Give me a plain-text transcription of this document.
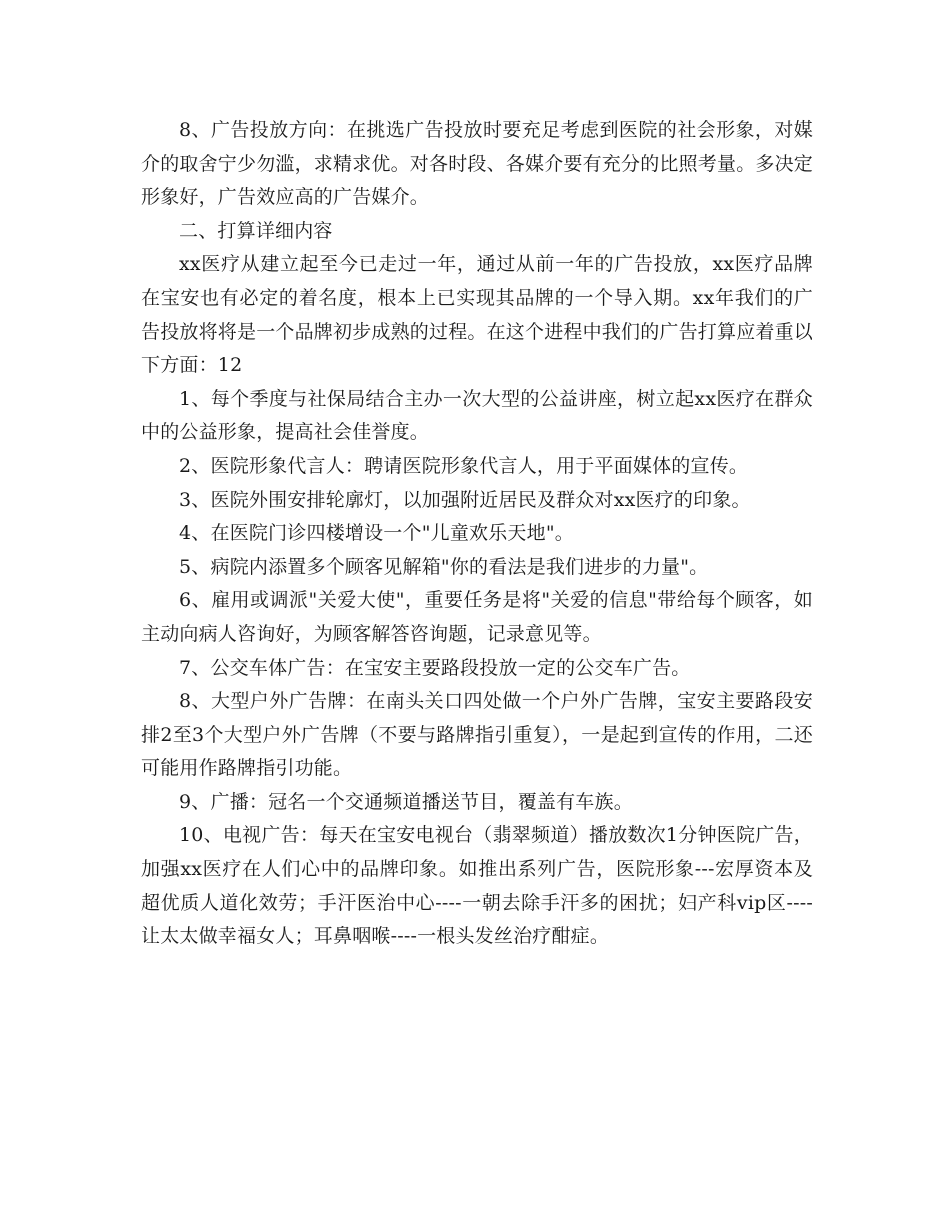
8、广告投放方向：在挑选广告投放时要充足考虑到医院的社会形象，对媒介的取舍宁少勿滥，求精求优。对各时段、各媒介要有充分的比照考量。多决定形象好，广告效应高的广告媒介。

二、打算详细内容

xx医疗从建立起至今已走过一年，通过从前一年的广告投放，xx医疗品牌在宝安也有必定的着名度，根本上已实现其品牌的一个导入期。xx年我们的广告投放将将是一个品牌初步成熟的过程。在这个进程中我们的广告打算应着重以下方面：12

1、每个季度与社保局结合主办一次大型的公益讲座，树立起xx医疗在群众中的公益形象，提高社会佳誉度。

2、医院形象代言人：聘请医院形象代言人，用于平面媒体的宣传。

3、医院外围安排轮廓灯，以加强附近居民及群众对xx医疗的印象。

4、在医院门诊四楼增设一个"儿童欢乐天地"。

5、病院内添置多个顾客见解箱"你的看法是我们进步的力量"。

6、雇用或调派"关爱大使"，重要任务是将"关爱的信息"带给每个顾客，如主动向病人咨询好，为顾客解答咨询题，记录意见等。

7、公交车体广告：在宝安主要路段投放一定的公交车广告。

8、大型户外广告牌：在南头关口四处做一个户外广告牌，宝安主要路段安排2至3个大型户外广告牌（不要与路牌指引重复），一是起到宣传的作用，二还可能用作路牌指引功能。

9、广播：冠名一个交通频道播送节目，覆盖有车族。

10、电视广告：每天在宝安电视台（翡翠频道）播放数次1分钟医院广告，加强xx医疗在人们心中的品牌印象。如推出系列广告，医院形象---宏厚资本及超优质人道化效劳；手汗医治中心----一朝去除手汗多的困扰；妇产科vip区----让太太做幸福女人；耳鼻咽喉----一根头发丝治疗酣症。
